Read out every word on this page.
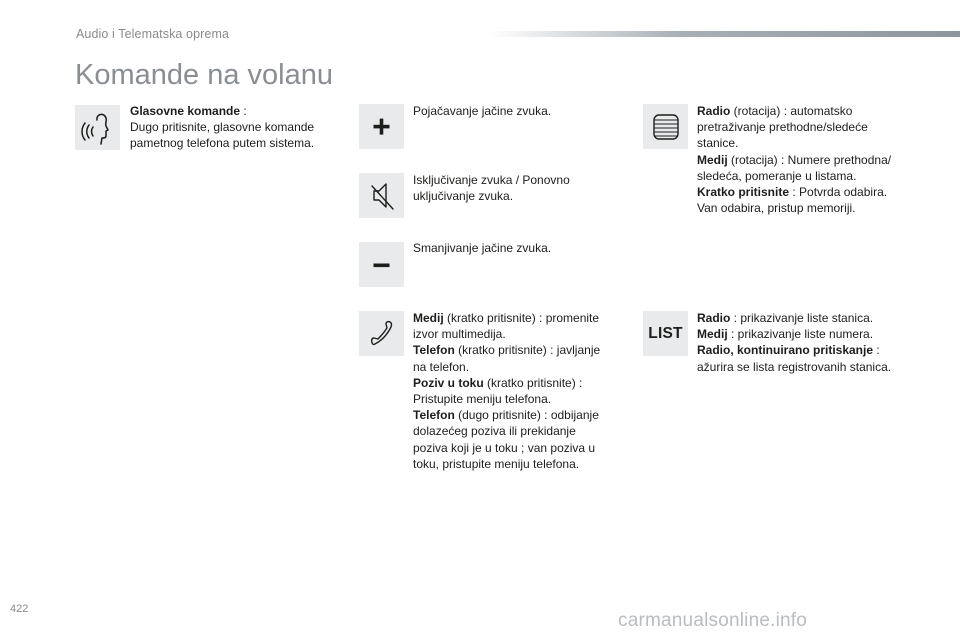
Audio i Telematska oprema
Komande na volanu
Glasovne komande :
Dugo pritisnite, glasovne komande
pametnog telefona putem sistema.
Pojačavanje jačine zvuka.
Isključivanje zvuka / Ponovno
uključivanje zvuka.
Smanjivanje jačine zvuka.
Medij (kratko pritisnite) : promenite
izvor multimedija.
Telefon (kratko pritisnite) : javljanje
na telefon.
Poziv u toku (kratko pritisnite) :
Pristupite meniju telefona.
Telefon (dugo pritisnite) : odbijanje
dolazećeg poziva ili prekidanje
poziva koji je u toku ; van poziva u
toku, pristupite meniju telefona.
Radio (rotacija) : automatsko
pretraživanje prethodne/sledeće
stanice.
Medij (rotacija) : Numere prethodna/
sledeća, pomeranje u listama.
Kratko pritisnite : Potvrda odabira.
Van odabira, pristup memoriji.
LIST
Radio : prikazivanje liste stanica.
Medij : prikazivanje liste numera.
Radio, kontinuirano pritiskanje :
ažurira se lista registrovanih stanica.
422
carmanualsonline.info
